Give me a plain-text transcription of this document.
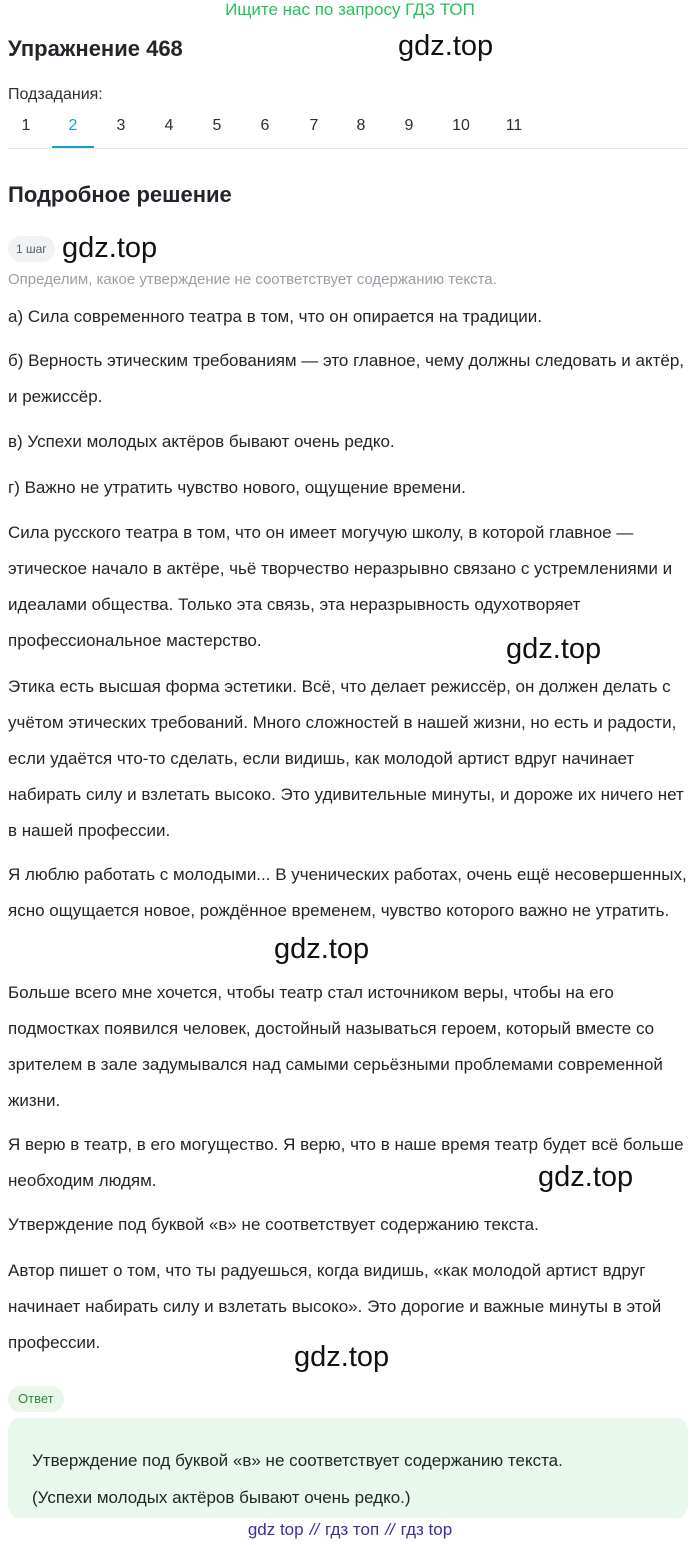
Ищите нас по запросу ГДЗ ТОП
Упражнение 468	gdz.top
Подзадания:
1	2	3	4	5	6	7	8	9	10 11
Подробное решение
1 шаг gdz.top
Определим, какое утверждение не соответствует содержанию текста.
а) Сила современного театра в том, что он опирается на традиции.
б) Верность этическим требованиям — это главное, чему должны следовать и актёр, и режиссёр.
в) Успехи молодых актёров бывают очень редко.
г) Важно не утратить чувство нового, ощущение времени.
Сила русского театра в том, что он имеет могучую школу, в которой главное — этическое начало в актёре, чьё творчество неразрывно связано с устремлениями и идеалами общества. Только эта связь, эта неразрывность одухотворяет профессиональное мастерство.	gdz.top
Этика есть высшая форма эстетики. Всё, что делает режиссёр, он должен делать с учётом этических требований. Много сложностей в нашей жизни, но есть и радости, если удаётся что-то сделать, если видишь, как молодой артист вдруг начинает набирать силу и взлетать высоко. Это удивительные минуты, и дороже их ничего нет в нашей профессии.
Я люблю работать с молодыми... В ученических работах, очень ещё несовершенных, ясно ощущается новое, рождённое временем, чувство которого важно не утратить.
gdz.top
Больше всего мне хочется, чтобы театр стал источником веры, чтобы на его подмостках появился человек, достойный называться героем, который вместе со зрителем в зале задумывался над самыми серьёзными проблемами современной жизни.
Я верю в театр, в его могущество. Я верю, что в наше время театр будет всё больше необходим людям.	gdz.top
Утверждение под буквой «в» не соответствует содержанию текста.
Автор пишет о том, что ты радуешься, когда видишь, «как молодой артист вдруг начинает набирать силу и взлетать высоко». Это дорогие и важные минуты в этой профессии.	gdz.top
Ответ
Утверждение под буквой «в» не соответствует содержанию текста.
(Успехи молодых актёров бывают очень редко.)
gdz top // гдз топ // гдз top
